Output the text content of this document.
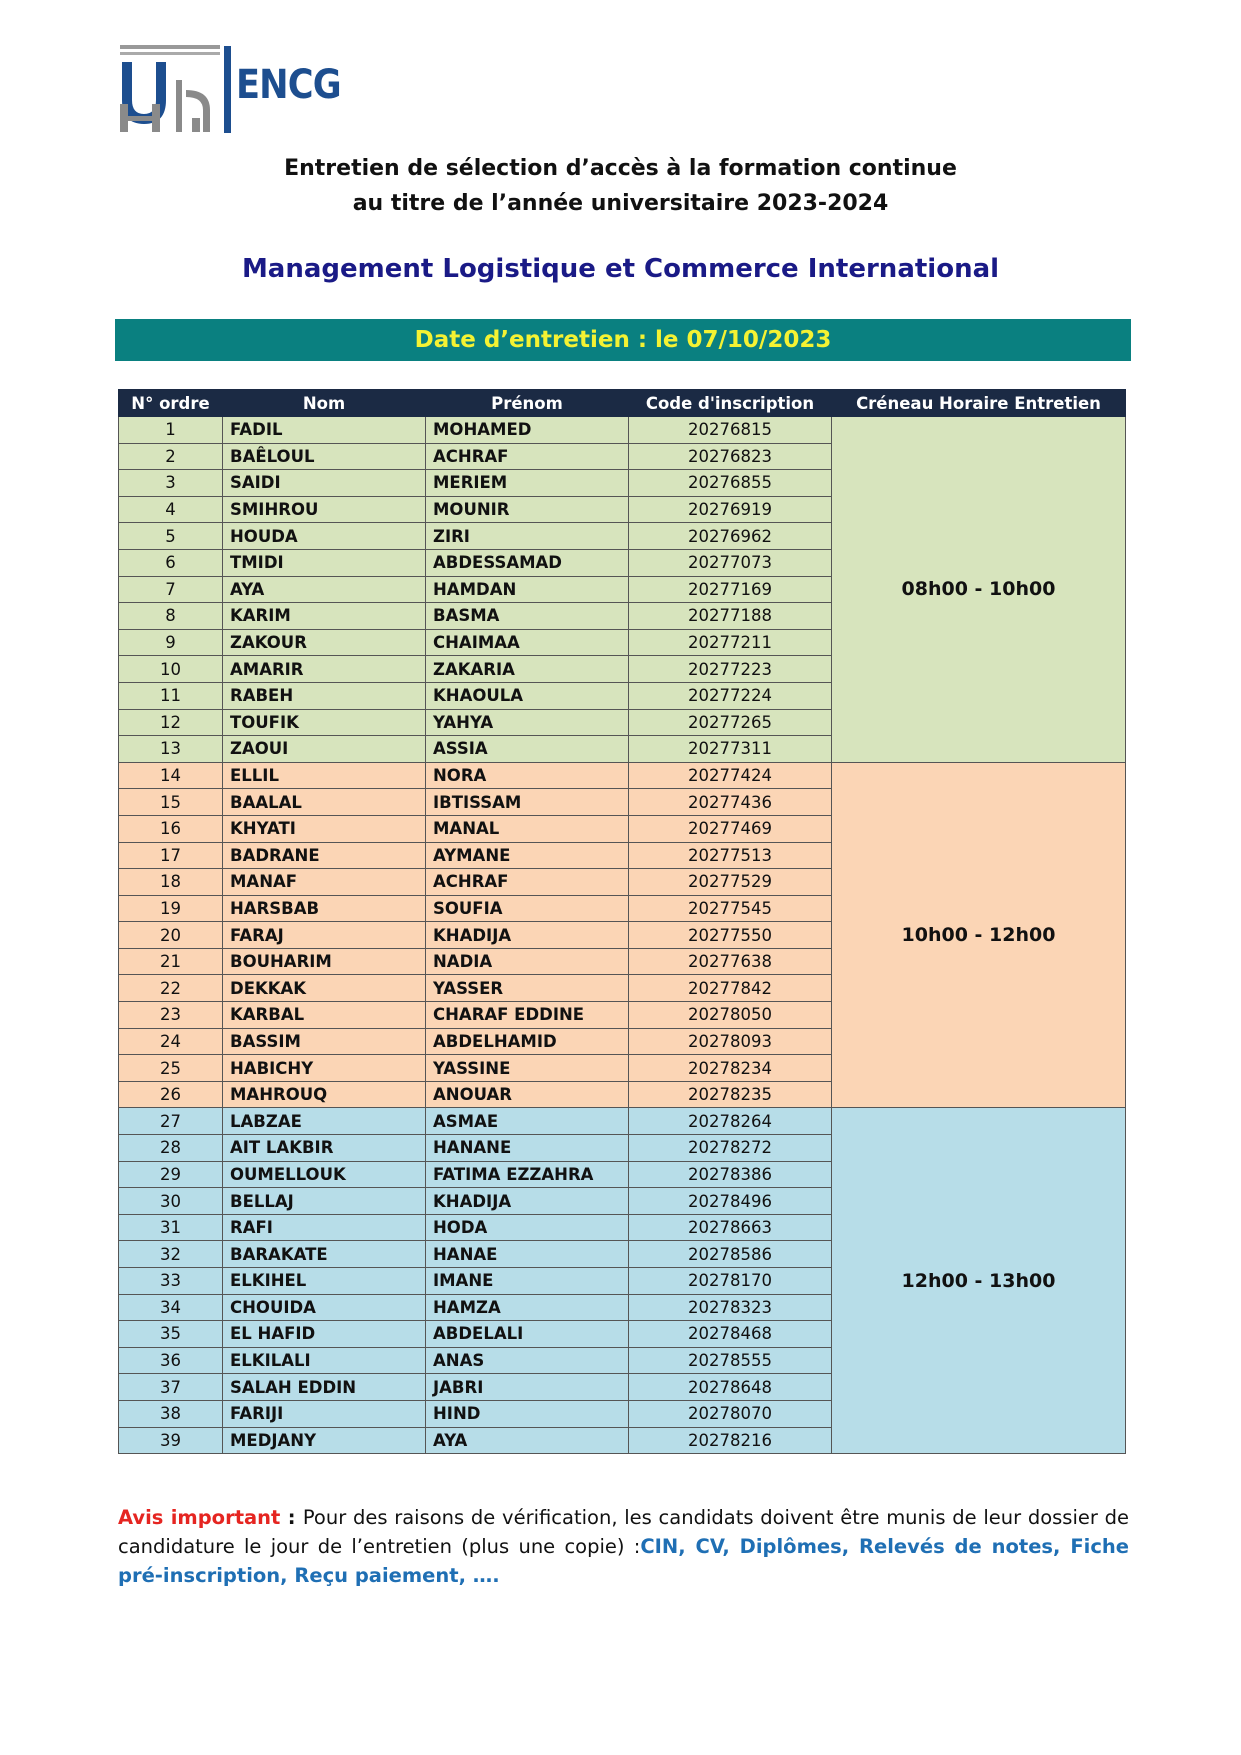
ENCG
Entretien de sélection d’accès à la formation continue
au titre de l’année universitaire 2023-2024
Management Logistique et Commerce International
Date d’entretien : le 07/10/2023
N° ordre	Nom	Prénom	Code d'inscription	Créneau Horaire Entretien
1	FADIL	MOHAMED	20276815	08h00 - 10h00
2	BAÊLOUL	ACHRAF	20276823	
3	SAIDI	MERIEM	20276855	
4	SMIHROU	MOUNIR	20276919	
5	HOUDA	ZIRI	20276962	
6	TMIDI	ABDESSAMAD	20277073	
7	AYA	HAMDAN	20277169	
8	KARIM	BASMA	20277188	
9	ZAKOUR	CHAIMAA	20277211	
10	AMARIR	ZAKARIA	20277223	
11	RABEH	KHAOULA	20277224	
12	TOUFIK	YAHYA	20277265	
13	ZAOUI	ASSIA	20277311	
14	ELLIL	NORA	20277424	10h00 - 12h00
15	BAALAL	IBTISSAM	20277436	
16	KHYATI	MANAL	20277469	
17	BADRANE	AYMANE	20277513	
18	MANAF	ACHRAF	20277529	
19	HARSBAB	SOUFIA	20277545	
20	FARAJ	KHADIJA	20277550	
21	BOUHARIM	NADIA	20277638	
22	DEKKAK	YASSER	20277842	
23	KARBAL	CHARAF EDDINE	20278050	
24	BASSIM	ABDELHAMID	20278093	
25	HABICHY	YASSINE	20278234	
26	MAHROUQ	ANOUAR	20278235	
27	LABZAE	ASMAE	20278264	12h00 - 13h00
28	AIT LAKBIR	HANANE	20278272	
29	OUMELLOUK	FATIMA EZZAHRA	20278386	
30	BELLAJ	KHADIJA	20278496	
31	RAFI	HODA	20278663	
32	BARAKATE	HANAE	20278586	
33	ELKIHEL	IMANE	20278170	
34	CHOUIDA	HAMZA	20278323	
35	EL HAFID	ABDELALI	20278468	
36	ELKILALI	ANAS	20278555	
37	SALAH EDDIN	JABRI	20278648	
38	FARIJI	HIND	20278070	
39	MEDJANY	AYA	20278216	
Avis important : Pour des raisons de vérification, les candidats doivent être munis de leur dossier de candidature le jour de l’entretien (plus une copie) :CIN, CV, Diplômes, Relevés de notes, Fiche pré-inscription, Reçu paiement, ….
